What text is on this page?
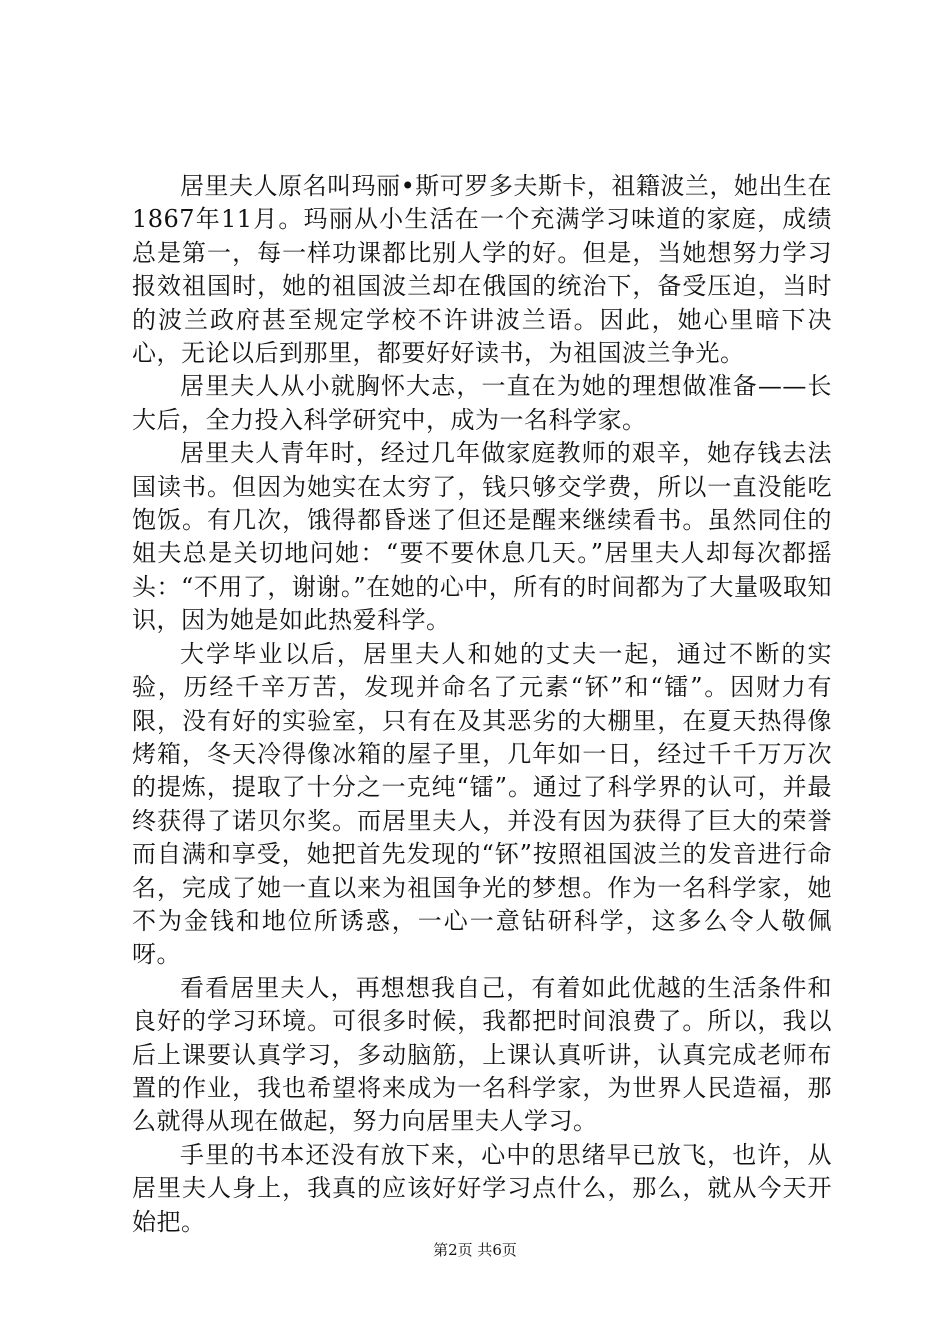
居里夫人原名叫玛丽•斯可罗多夫斯卡，祖籍波兰，她出生在1867年11月。玛丽从小生活在一个充满学习味道的家庭，成绩总是第一，每一样功课都比别人学的好。但是，当她想努力学习报效祖国时，她的祖国波兰却在俄国的统治下，备受压迫，当时的波兰政府甚至规定学校不许讲波兰语。因此，她心里暗下决心，无论以后到那里，都要好好读书，为祖国波兰争光。

居里夫人从小就胸怀大志，一直在为她的理想做准备——长大后，全力投入科学研究中，成为一名科学家。

居里夫人青年时，经过几年做家庭教师的艰辛，她存钱去法国读书。但因为她实在太穷了，钱只够交学费，所以一直没能吃饱饭。有几次，饿得都昏迷了但还是醒来继续看书。虽然同住的姐夫总是关切地问她：“要不要休息几天。”居里夫人却每次都摇头：“不用了，谢谢。”在她的心中，所有的时间都为了大量吸取知识，因为她是如此热爱科学。

大学毕业以后，居里夫人和她的丈夫一起，通过不断的实验，历经千辛万苦，发现并命名了元素“钚”和“镭”。因财力有限，没有好的实验室，只有在及其恶劣的大棚里，在夏天热得像烤箱，冬天冷得像冰箱的屋子里，几年如一日，经过千千万万次的提炼，提取了十分之一克纯“镭”。通过了科学界的认可，并最终获得了诺贝尔奖。而居里夫人，并没有因为获得了巨大的荣誉而自满和享受，她把首先发现的“钚”按照祖国波兰的发音进行命名，完成了她一直以来为祖国争光的梦想。作为一名科学家，她不为金钱和地位所诱惑，一心一意钻研科学，这多么令人敬佩呀。

看看居里夫人，再想想我自己，有着如此优越的生活条件和良好的学习环境。可很多时候，我都把时间浪费了。所以，我以后上课要认真学习，多动脑筋，上课认真听讲，认真完成老师布置的作业，我也希望将来成为一名科学家，为世界人民造福，那么就得从现在做起，努力向居里夫人学习。

手里的书本还没有放下来，心中的思绪早已放飞，也许，从居里夫人身上，我真的应该好好学习点什么，那么，就从今天开始把。

第2页 共6页
